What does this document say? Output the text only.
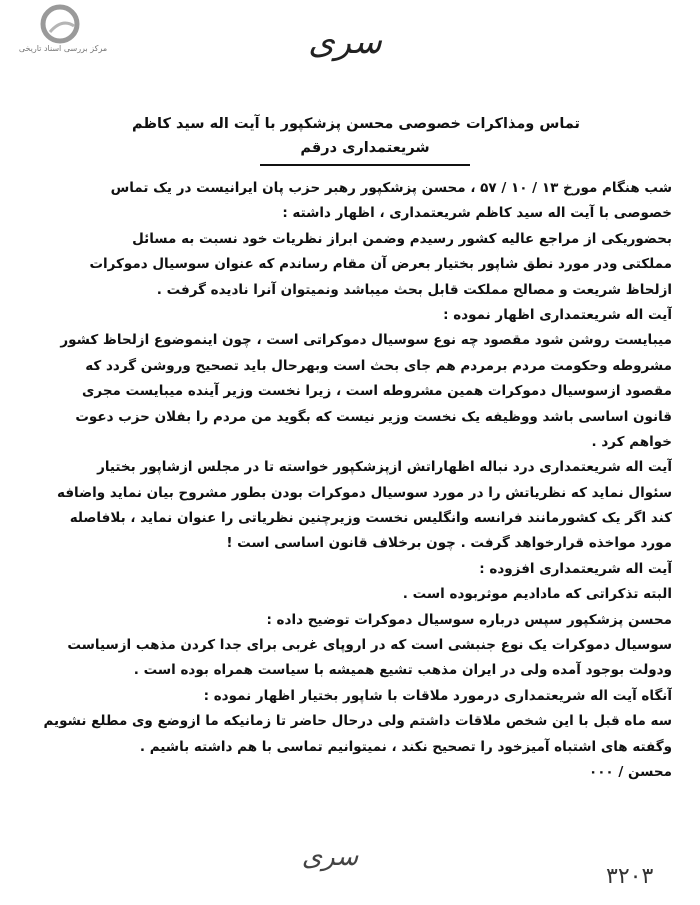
مرکز بررسی اسناد تاریخی	سری
تماس ومذاکرات خصوصی محسن پزشکپور با آیت اله سید کاظم
شریعتمداری درقم
شب هنگام مورخ ۱۳ / ۱۰ / ۵۷ ، محسن پزشکپور رهبر حزب پان ایرانیست در یک تماس
خصوصی با آیت اله سید کاظم شریعتمداری ، اظهار داشته :
بحضوریکی از مراجع عالیه کشور رسیدم وضمن ابراز نظریات خود نسبت به مسائل
مملکتی ودر مورد نطق شاپور بختیار بعرض آن مقام رساندم که عنوان سوسیال دموکرات
ازلحاظ شریعت و مصالح مملکت قابل بحث میباشد ونمیتوان آنرا نادیده گرفت .
آیت اله شریعتمداری اظهار نموده :
میبایست روشن شود مقصود چه نوع سوسیال دموکراتی است ، چون اینموضوع ازلحاظ کشور
مشروطه وحکومت مردم برمردم هم جای بحث است وبهرحال باید تصحیح وروشن گردد که
مقصود ازسوسیال دموکرات همین مشروطه است ، زیرا نخست وزیر آینده میبایست مجری
قانون اساسی باشد ووظیفه یک نخست وزیر نیست که بگوید من مردم را بفلان حزب دعوت
خواهم کرد .
آیت اله شریعتمداری درد نباله اظهاراتش ازپزشکپور خواسته تا در مجلس ازشاپور بختیار
سئوال نماید که نظریاتش را در مورد سوسیال دموکرات بودن بطور مشروح بیان نماید واضافه
کند اگر یک کشورمانند فرانسه وانگلیس نخست وزیرچنین نظریاتی را عنوان نماید ، بلافاصله
مورد مواخذه قرارخواهد گرفت . چون برخلاف قانون اساسی است !
آیت اله شریعتمداری افزوده :
البته تذکراتی که مادادیم موثربوده است .
محسن پزشکپور سپس درباره سوسیال دموکرات توضیح داده :
سوسیال دموکرات یک نوع جنبشی است که در اروپای غربی برای جدا کردن مذهب ازسیاست
ودولت بوجود آمده ولی در ایران مذهب تشیع همیشه با سیاست همراه بوده است .
آنگاه آیت اله شریعتمداری درمورد ملاقات با شاپور بختیار اظهار نموده :
سه ماه قبل با این شخص ملاقات داشتم ولی درحال حاضر تا زمانیکه ما ازوضع وی مطلع نشویم
وگفته های اشتباه آمیزخود را تصحیح نکند ، نمیتوانیم تماسی با هم داشته باشیم .
محسن / ۰۰۰
سری
۳۲۰۳
